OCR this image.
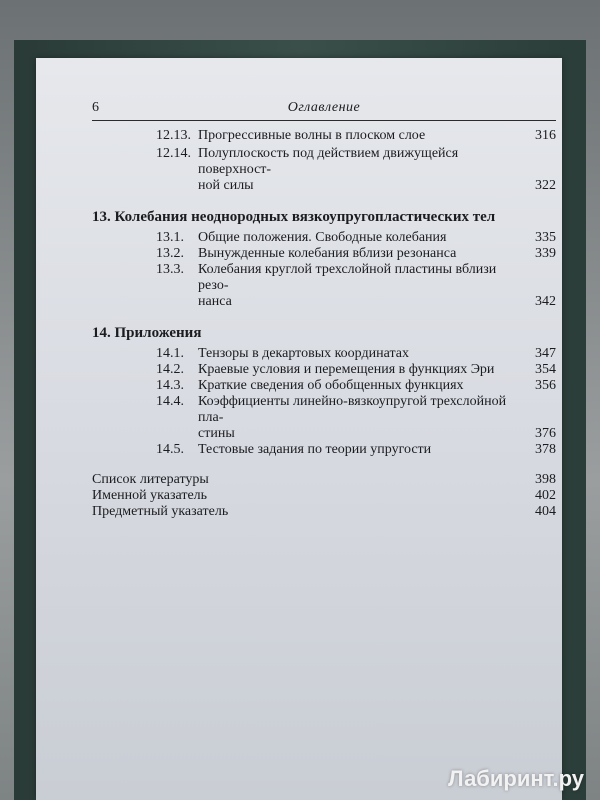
6	Оглавление
12.13. Прогрессивные волны в плоском слое	316
12.14. Полуплоскость под действием движущейся поверхност-
ной силы	322
13. Колебания неоднородных вязкоупругопластических тел
13.1.	Общие положения. Свободные колебания	335
13.2.	Вынужденные колебания вблизи резонанса	339
13.3.	Колебания круглой трехслойной пластины вблизи резо-
нанса	342
14. Приложения
14.1.	Тензоры в декартовых координатах	347
14.2.	Краевые условия и перемещения в функциях Эри	354
14.3.	Краткие сведения об обобщенных функциях	356
14.4.	Коэффициенты линейно-вязкоупругой трехслойной пла-
стины	376
14.5.	Тестовые задания по теории упругости	378
Список литературы	398
Именной указатель	402
Предметный указатель	404
Лабиринт.ру
